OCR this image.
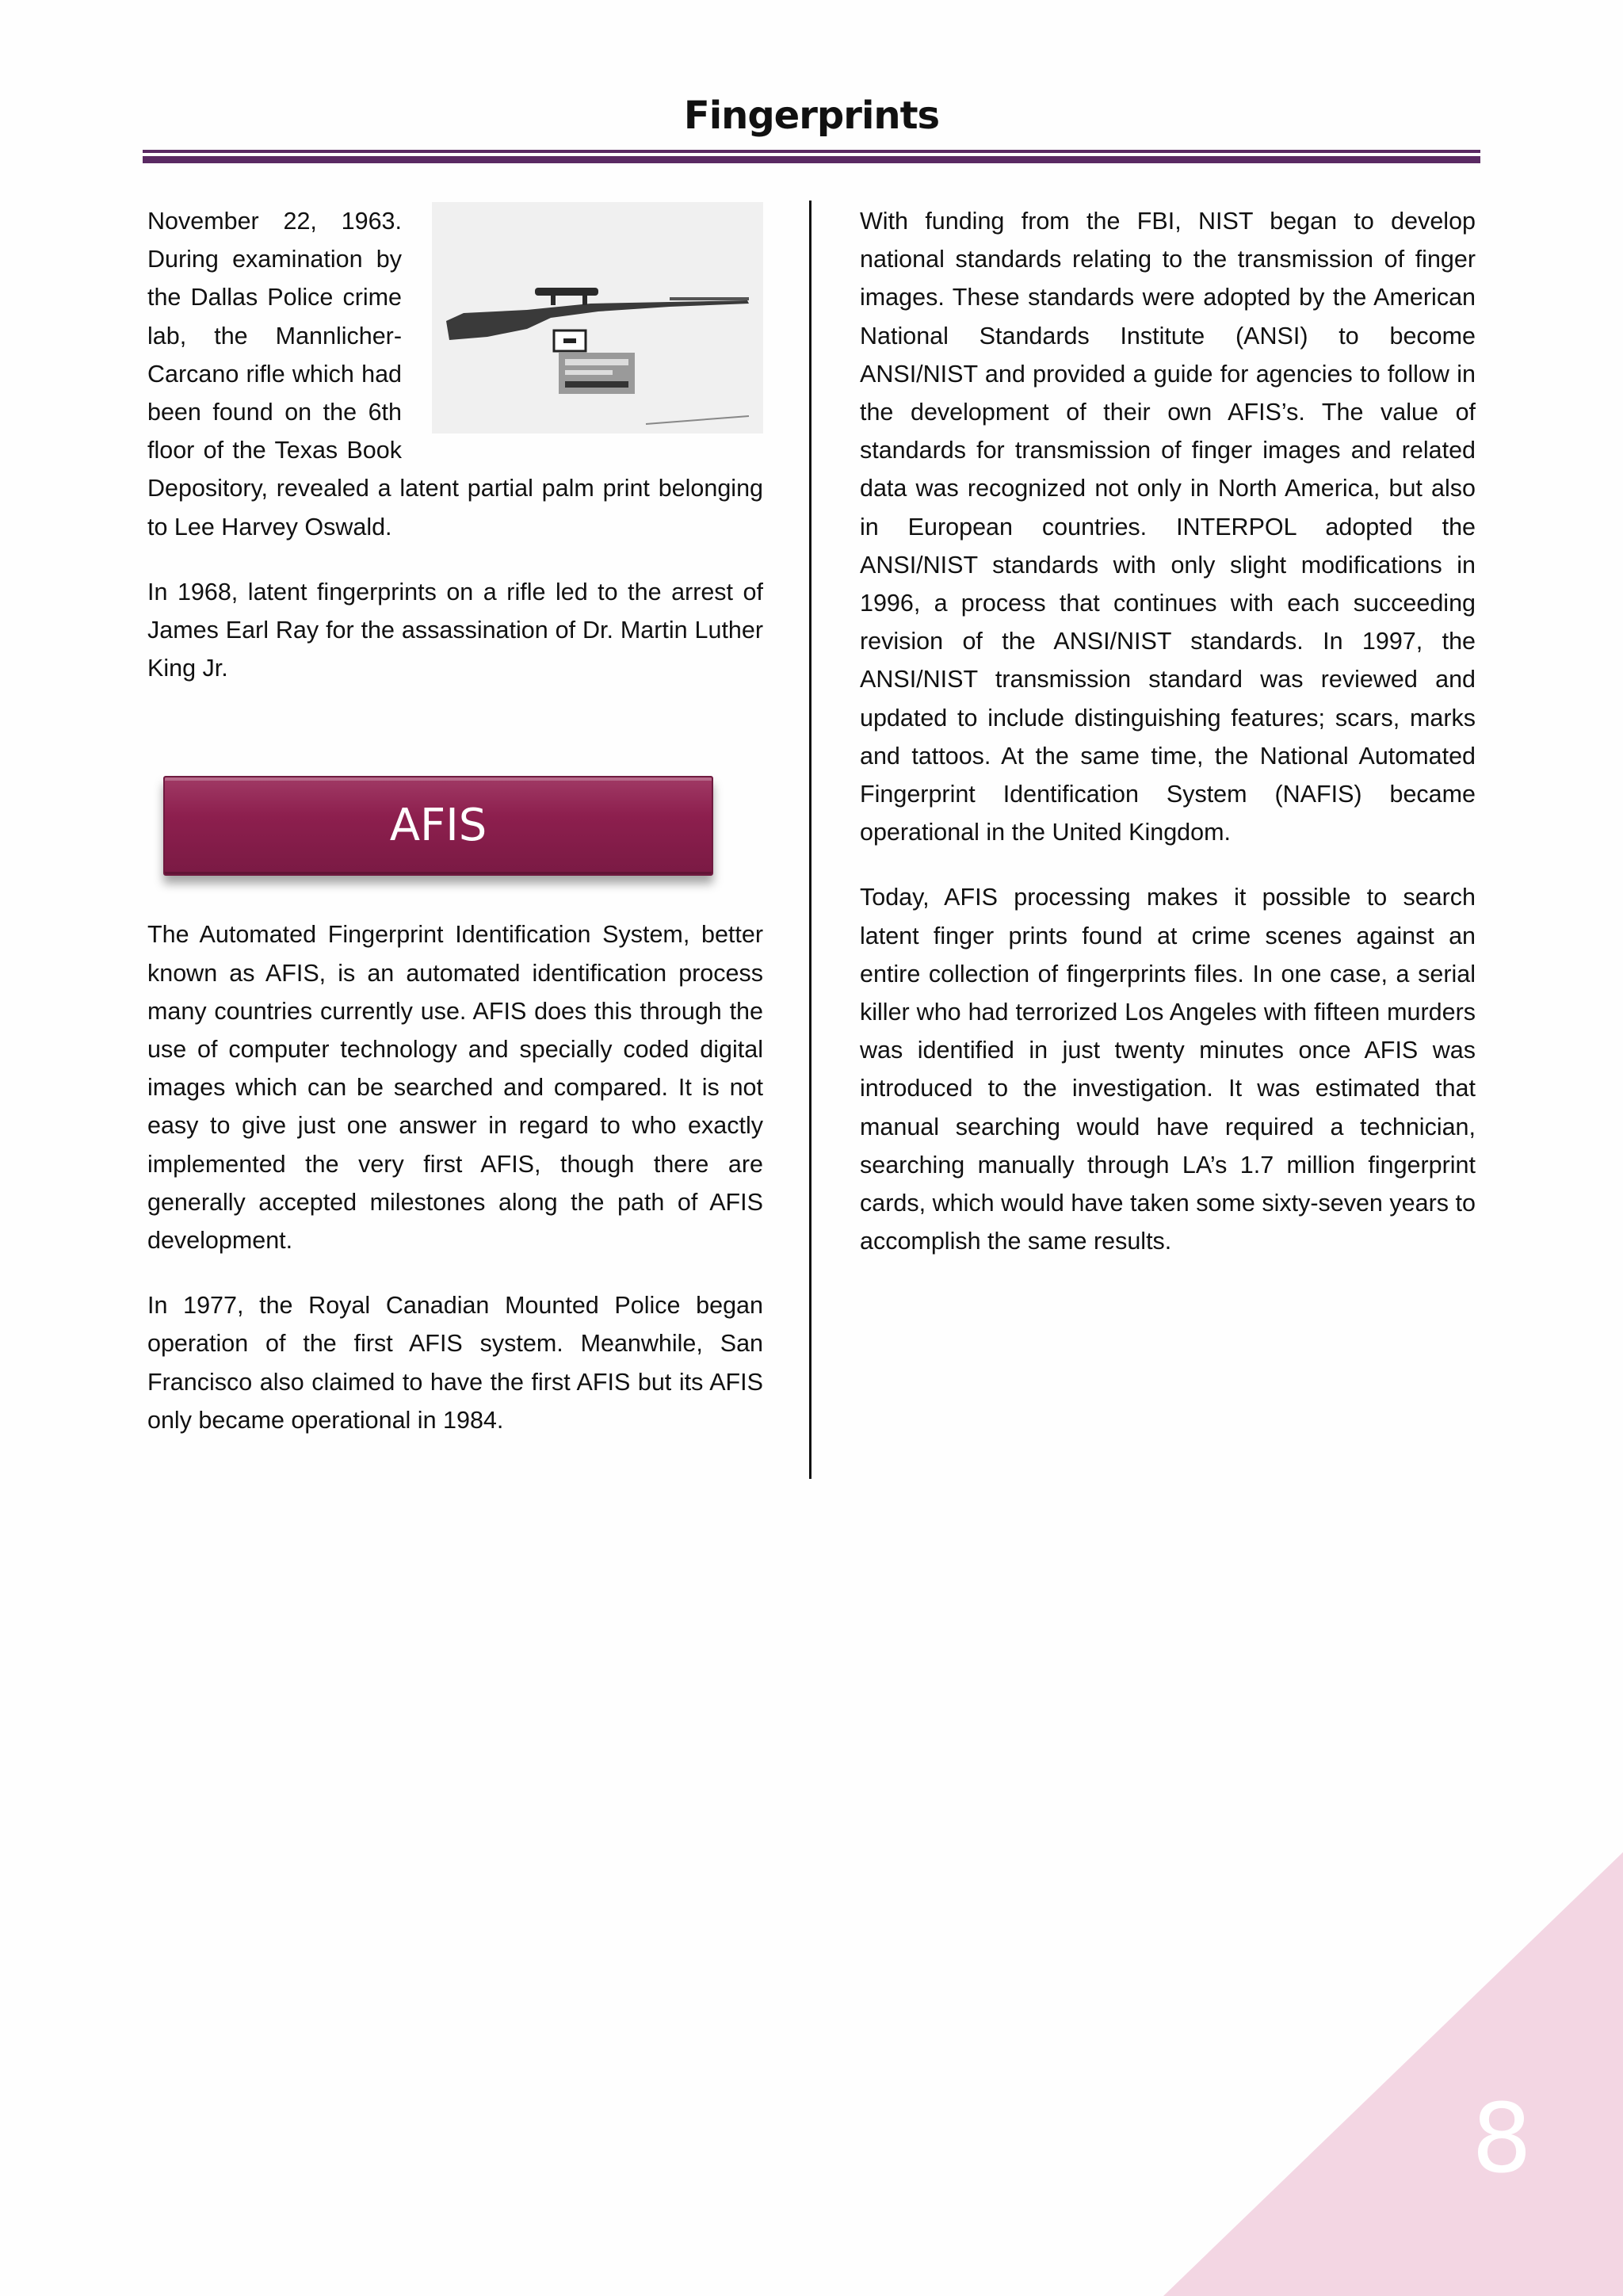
Fingerprints

November 22, 1963. During examination by the Dallas Police crime lab, the Mannlicher-Carcano rifle which had been found on the 6th floor of the Texas Book Depository, revealed a latent partial palm print belonging to Lee Harvey Oswald.

In 1968, latent fingerprints on a rifle led to the arrest of James Earl Ray for the assassination of Dr. Martin Luther King Jr.

AFIS

The Automated Fingerprint Identification System, better known as AFIS, is an automated identification process many countries currently use. AFIS does this through the use of computer technology and specially coded digital images which can be searched and compared. It is not easy to give just one answer in regard to who exactly implemented the very first AFIS, though there are generally accepted milestones along the path of AFIS development.

In 1977, the Royal Canadian Mounted Police began operation of the first AFIS system. Meanwhile, San Francisco also claimed to have the first AFIS but its AFIS only became operational in 1984.

With funding from the FBI, NIST began to develop national standards relating to the transmission of finger images. These standards were adopted by the American National Standards Institute (ANSI) to become ANSI/NIST and provided a guide for agencies to follow in the development of their own AFIS’s. The value of standards for transmission of finger images and related data was recognized not only in North America, but also in European countries. INTERPOL adopted the ANSI/NIST standards with only slight modifications in 1996, a process that continues with each succeeding revision of the ANSI/NIST standards. In 1997, the ANSI/NIST transmission standard was reviewed and updated to include distinguishing features; scars, marks and tattoos. At the same time, the National Automated Fingerprint Identification System (NAFIS) became operational in the United Kingdom.

Today, AFIS processing makes it possible to search latent finger prints found at crime scenes against an entire collection of fingerprints files. In one case, a serial killer who had terrorized Los Angeles with fifteen murders was identified in just twenty minutes once AFIS was introduced to the investigation. It was estimated that manual searching would have required a technician, searching manually through LA’s 1.7 million fingerprint cards, which would have taken some sixty-seven years to accomplish the same results.

8
